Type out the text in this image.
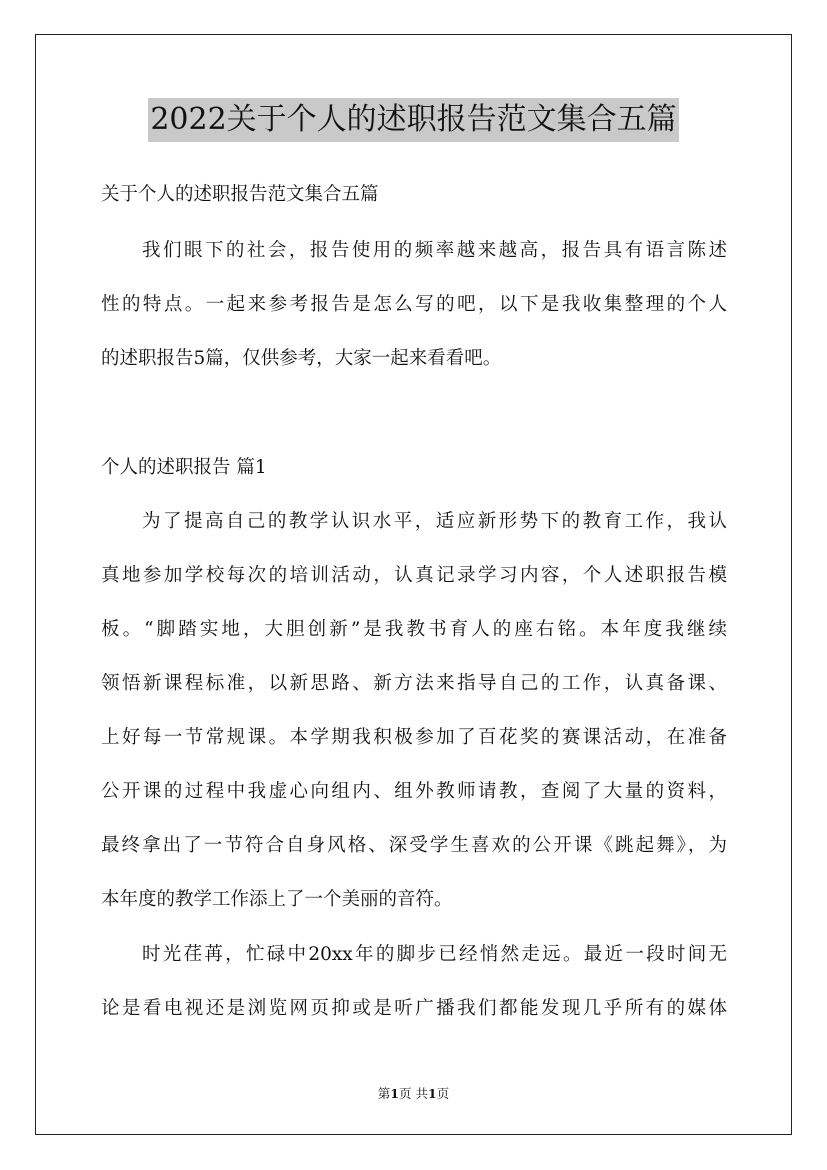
2022关于个人的述职报告范文集合五篇
关于个人的述职报告范文集合五篇
我们眼下的社会，报告使用的频率越来越高，报告具有语言陈述
性的特点。一起来参考报告是怎么写的吧，以下是我收集整理的个人
的述职报告5篇，仅供参考，大家一起来看看吧。
个人的述职报告 篇1
为了提高自己的教学认识水平，适应新形势下的教育工作，我认
真地参加学校每次的培训活动，认真记录学习内容，个人述职报告模
板。“脚踏实地，大胆创新”是我教书育人的座右铭。本年度我继续
领悟新课程标准，以新思路、新方法来指导自己的工作，认真备课、
上好每一节常规课。本学期我积极参加了百花奖的赛课活动，在准备
公开课的过程中我虚心向组内、组外教师请教，查阅了大量的资料，
最终拿出了一节符合自身风格、深受学生喜欢的公开课《跳起舞》，为
本年度的教学工作添上了一个美丽的音符。
时光荏苒，忙碌中20xx年的脚步已经悄然走远。最近一段时间无
论是看电视还是浏览网页抑或是听广播我们都能发现几乎所有的媒体
第1页 共1页
